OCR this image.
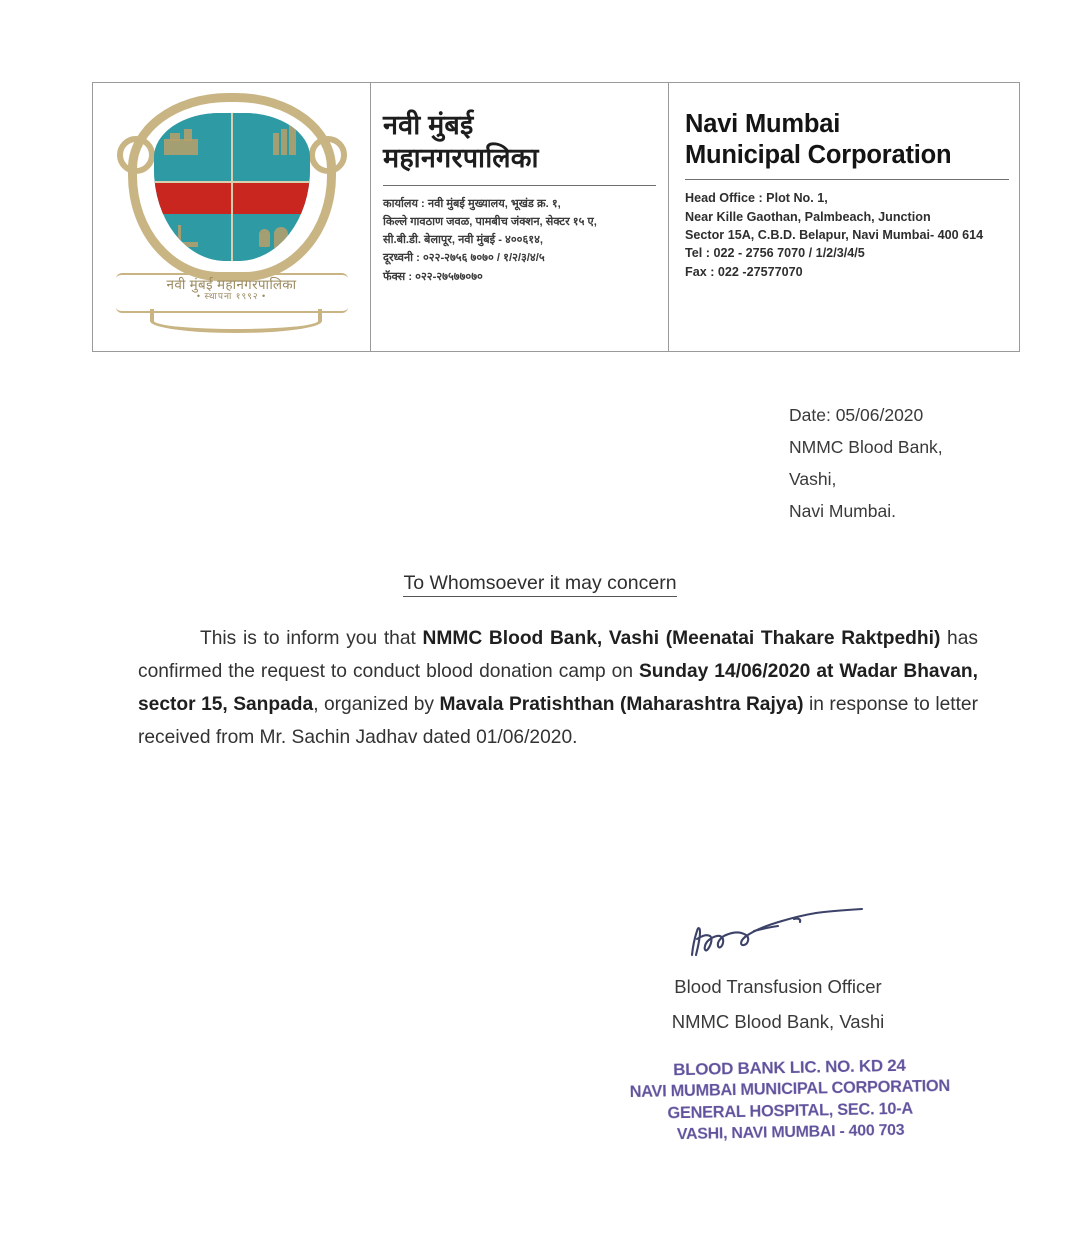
नवी मुंबई महानगरपालिका
• स्थापना १९९२ •
नवी मुंबई
महानगरपालिका
कार्यालय : नवी मुंबई मुख्यालय, भूखंड क्र. १,
किल्ले गावठाण जवळ, पामबीच जंक्शन, सेक्टर १५ ए,
सी.बी.डी. बेलापूर, नवी मुंबई - ४००६१४,
दूरध्वनी : ०२२-२७५६ ७०७० / १/२/३/४/५
फॅक्स : ०२२-२७५७७०७०
Navi Mumbai
Municipal Corporation
Head Office : Plot No. 1,
Near Kille Gaothan, Palmbeach, Junction
Sector 15A, C.B.D. Belapur, Navi Mumbai- 400 614
Tel : 022 - 2756 7070 / 1/2/3/4/5
Fax : 022 -27577070
Date: 05/06/2020
NMMC Blood Bank,
Vashi,
Navi Mumbai.
To Whomsoever it may concern

This is to inform you that NMMC Blood Bank, Vashi (Meenatai Thakare Raktpedhi) has confirmed the request to conduct blood donation camp on Sunday 14/06/2020 at Wadar Bhavan, sector 15, Sanpada, organized by Mavala Pratishthan (Maharashtra Rajya) in response to letter received from Mr. Sachin Jadhav dated 01/06/2020.

Blood Transfusion Officer
NMMC Blood Bank, Vashi
BLOOD BANK LIC. NO. KD 24
NAVI MUMBAI MUNICIPAL CORPORATION
GENERAL HOSPITAL, SEC. 10-A
VASHI, NAVI MUMBAI - 400 703
